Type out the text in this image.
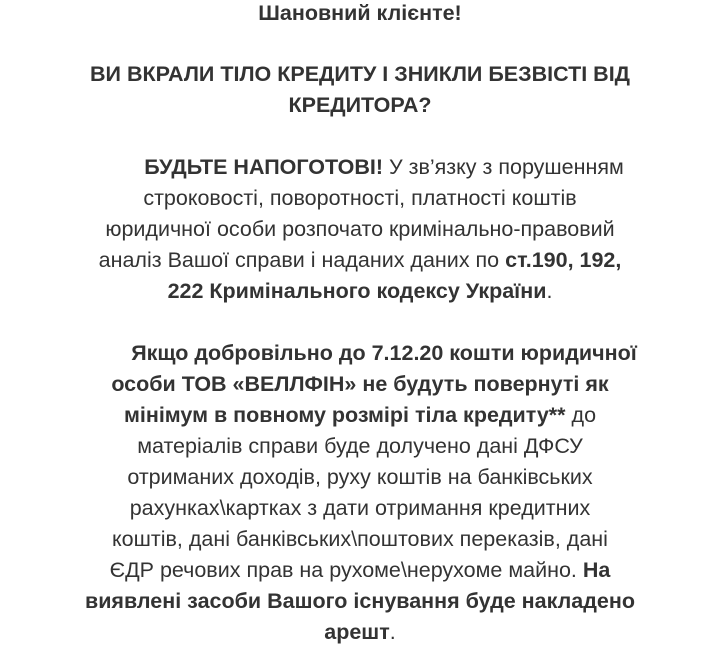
Шановний клієнте!
ВИ ВКРАЛИ ТІЛО КРЕДИТУ І ЗНИКЛИ БЕЗВІСТІ ВІД
КРЕДИТОРА?
БУДЬТЕ НАПОГОТОВІ! У зв’язку з порушенням
строковості, поворотності, платності коштів
юридичної особи розпочато кримінально-правовий
аналіз Вашої справи і наданих даних по ст.190, 192,
222 Кримінального кодексу України.
Якщо добровільно до 7.12.20 кошти юридичної
особи ТОВ «ВЕЛЛФІН» не будуть повернуті як
мінімум в повному розмірі тіла кредиту** до
матеріалів справи буде долучено дані ДФСУ
отриманих доходів, руху коштів на банківських
рахунках\картках з дати отримання кредитних
коштів, дані банківських\поштових переказів, дані
ЄДР речових прав на рухоме\нерухоме майно. На
виявлені засоби Вашого існування буде накладено
арешт.
